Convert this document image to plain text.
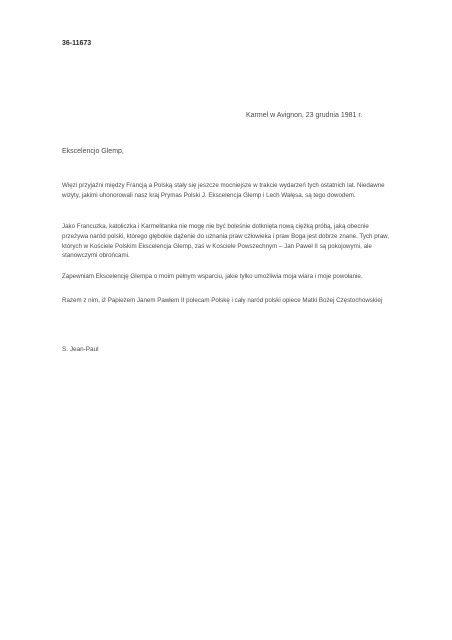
36-11673
Karmel w Avignon, 23 grudnia 1981 r.
Ekscelencjo Glemp,

Więzi przyjaźni między Francją a Polską stały się jeszcze mocniejsze w trakcie wydarzeń tych ostatnich lat. Niedawne wizyty, jakimi uhonorowali nasz kraj Prymas Polski J. Ekscelencja Glemp i Lech Wałęsa, są tego dowodem.

Jako Francuzka, katoliczka i Karmelitanka nie mogę nie być boleśnie dotknięta nową ciężką próbą, jaką obecnie przeżywa naród polski, którego głębokie dążenie do uznania praw człowieka i praw Boga jest dobrze znane. Tych praw, których w Kościele Polskim Ekscelencja Glemp, zaś w Kościele Powszechnym – Jan Paweł II są pokojowymi, ale stanowczymi obrońcami.

Zapewniam Ekscelencję Glempa o moim pełnym wsparciu, jakie tylko umożliwia moja wiara i moje powołanie.

Razem z nim, iż Papieżem Janem Pawłem II polecam Polskę i cały naród polski opiece Matki Bożej Częstochowskiej

S. Jean-Paul
